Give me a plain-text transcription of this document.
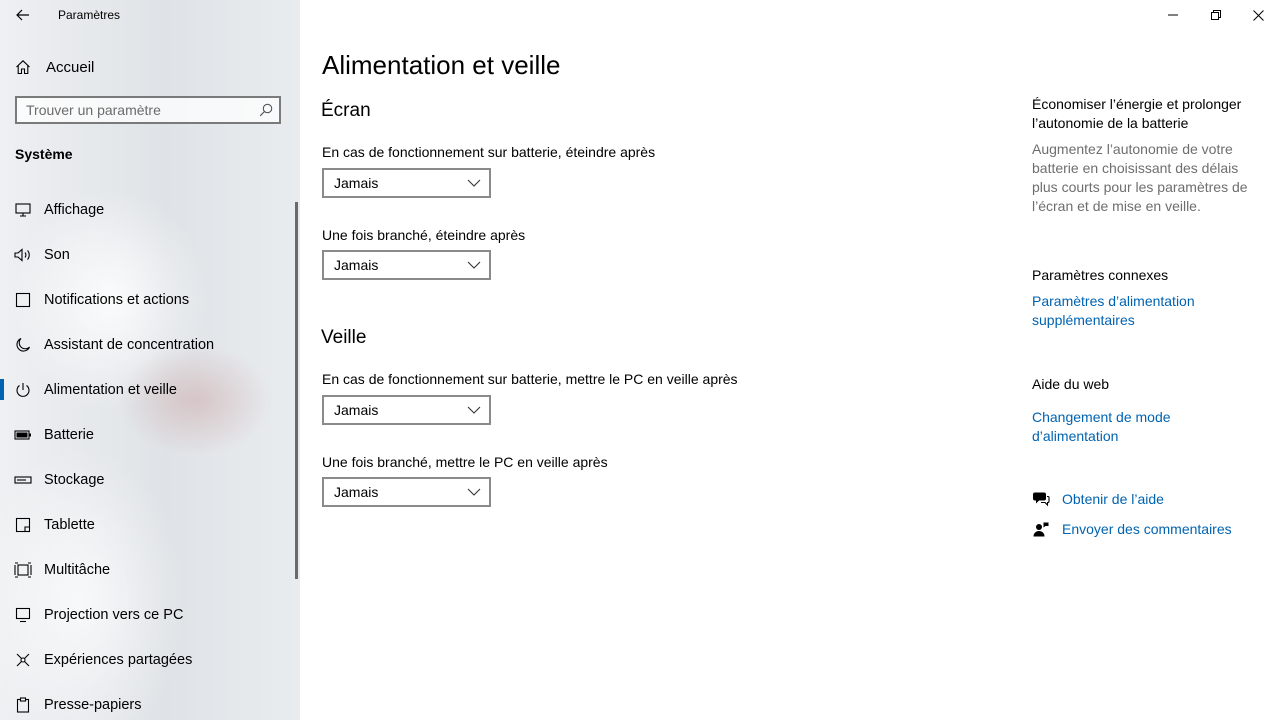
Paramètres
Accueil
Trouver un paramètre
Système
Affichage
Son
Notifications et actions
Assistant de concentration
Alimentation et veille
Batterie
Stockage
Tablette
Multitâche
Projection vers ce PC
Expériences partagées
Presse-papiers
Alimentation et veille
Écran
En cas de fonctionnement sur batterie, éteindre après
Jamais
Une fois branché, éteindre après
Jamais
Veille
En cas de fonctionnement sur batterie, mettre le PC en veille après
Jamais
Une fois branché, mettre le PC en veille après
Jamais
Économiser l’énergie et prolonger l’autonomie de la batterie
Augmentez l’autonomie de votre batterie en choisissant des délais plus courts pour les paramètres de l’écran et de mise en veille.
Paramètres connexes
Paramètres d’alimentation supplémentaires
Aide du web
Changement de mode d’alimentation
Obtenir de l’aide
Envoyer des commentaires
